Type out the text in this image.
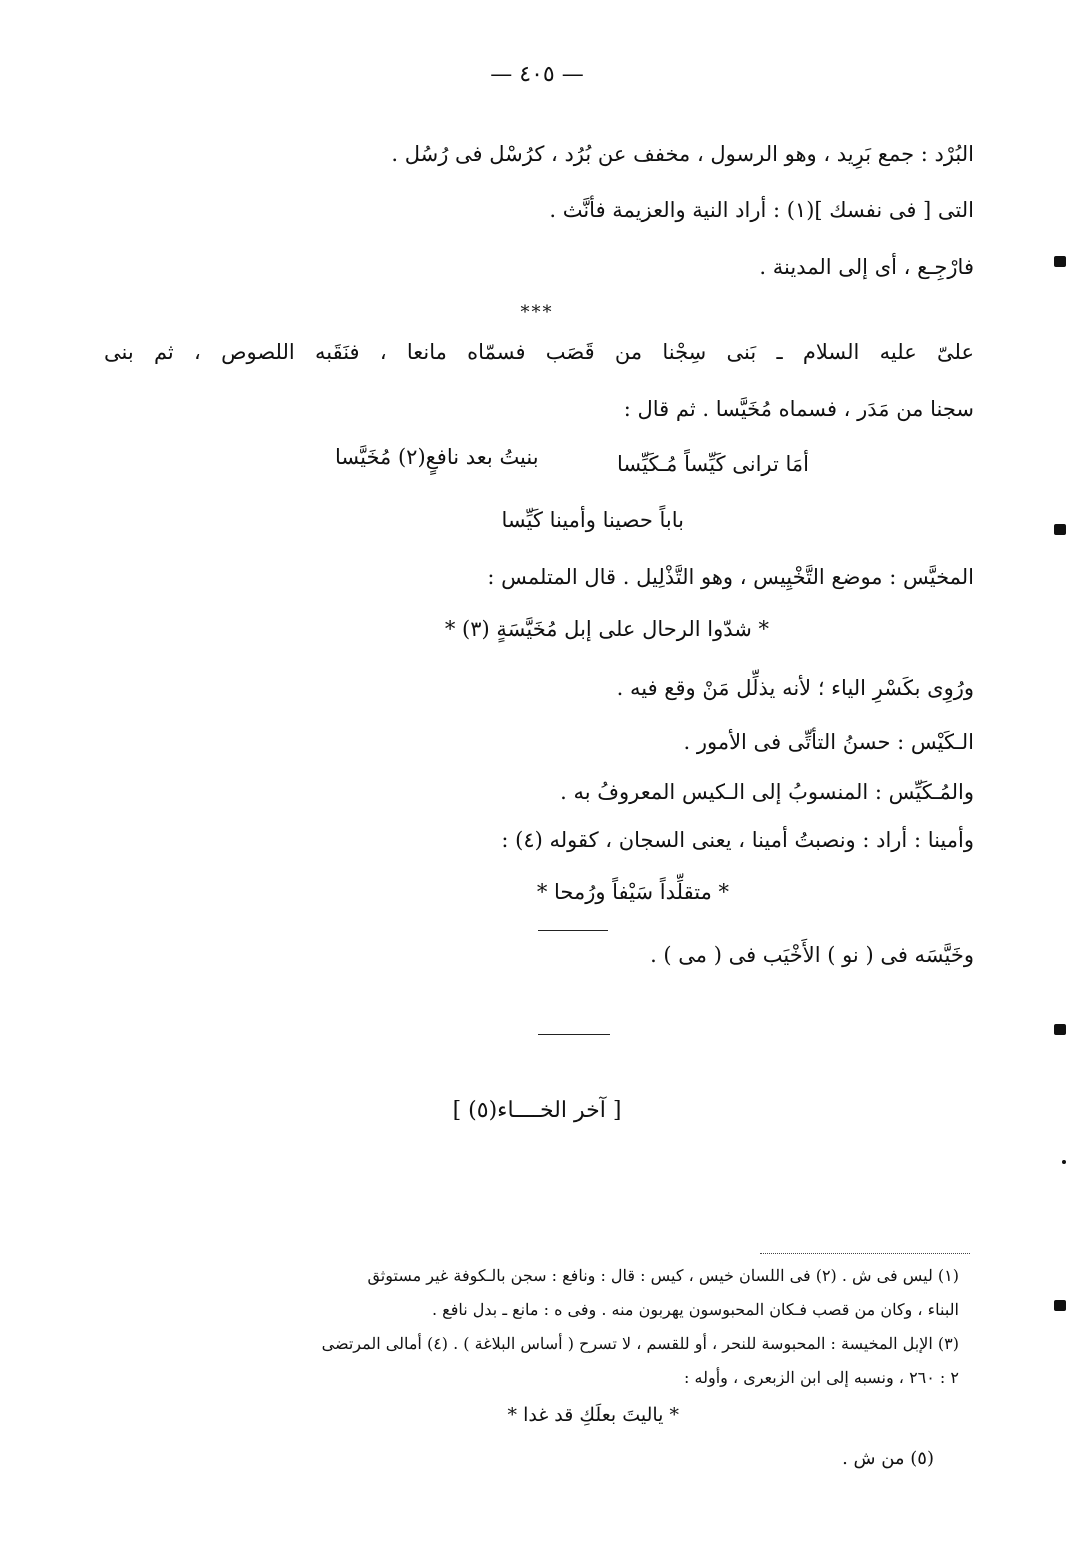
— ٤٠٥ —
البُرْد : جمع بَرِيد ، وهو الرسول ، مخفف عن بُرُد ، كرُسْل فى رُسُل .
التى [ فى نفسك ](١) : أراد النية والعزيمة فأنَّث .
فارْجِـع ، أى إلى المدينة .
***
علىّ عليه السلام ـ بَنى سِجْنا من قَصَب فسمّاه مانعا ، فنَقَبه اللصوص ، ثم بنى
سجنا من مَدَر ، فسماه مُخَيَّسا . ثم قال :
أمَا ترانى كَيِّساً مُـكَيِّسا
بنيتُ بعد نافعٍ(٢) مُخَيَّسا
باباً حصينا وأمينا كَيِّسا
المخيَّس : موضع التَّخْيِيس ، وهو التَّذْلِيل . قال المتلمس :
* شدّوا الرحال على إبل مُخَيَّسَةٍ (٣) *
ورُوِى بكَسْرِ الياء ؛ لأنه يذلِّل مَنْ وقع فيه .
الـكَيْس : حسنُ التأتِّى فى الأمور .
والمُـكَيِّس : المنسوبُ إلى الـكيس المعروفُ به .
وأمينا : أراد : ونصبتُ أمينا ، يعنى السجان ، كقوله (٤) :
* متقلِّداً سَيْفاً ورُمحا *
وخَيَّسَه فى ( نو ) الأَخْيَب فى ( مى ) .
[ آخر الخــــاء(٥) ]
(١) ليس فى ش . (٢) فى اللسان خيس ، كيس : قال : ونافع : سجن بالـكوفة غير مستوثق
البناء ، وكان من قصب فـكان المحبوسون يهربون منه . وفى ه : مانع ـ بدل نافع .
(٣) الإبل المخيسة : المحبوسة للنحر ، أو للقسم ، لا تسرح ( أساس البلاغة ) . (٤) أمالى المرتضى
٢ : ٢٦٠ ، ونسبه إلى ابن الزبعرى ، وأوله :
* ياليتَ بعلَكِ قد غدا *
(٥) من ش .
